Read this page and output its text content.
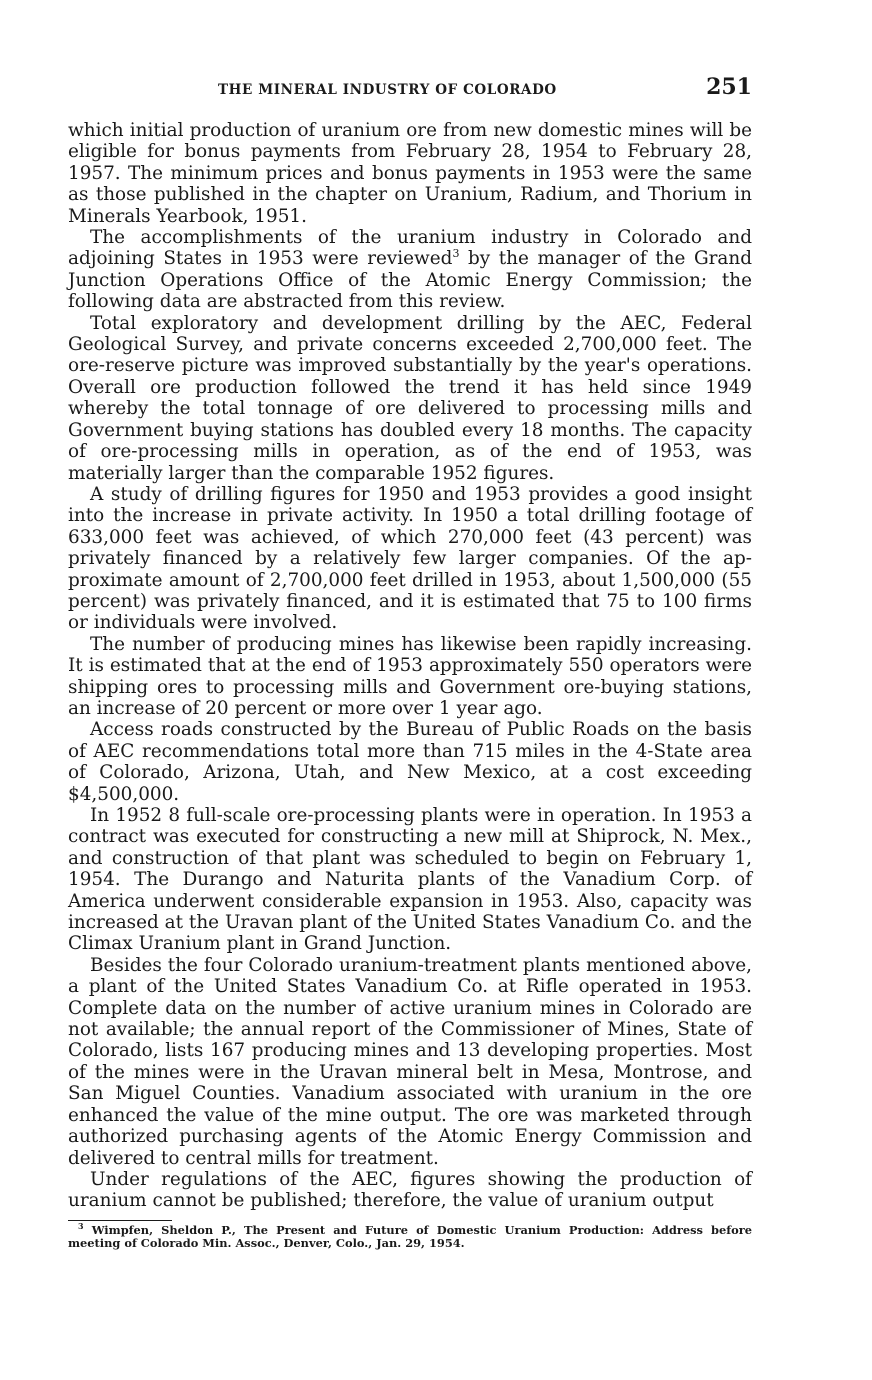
THE MINERAL INDUSTRY OF COLORADO	251

which initial production of uranium ore from new domestic mines will be eligible for bonus payments from February 28, 1954 to February 28, 1957. The minimum prices and bonus payments in 1953 were the same as those published in the chapter on Uranium, Radium, and Thorium in Minerals Yearbook, 1951.

The accomplishments of the uranium industry in Colorado and adjoining States in 1953 were reviewed$^3$ by the manager of the Grand Junction Operations Office of the Atomic Energy Commission; the following data are abstracted from this review.

Total exploratory and development drilling by the AEC, Federal Geological Survey, and private concerns exceeded 2,700,000 feet. The ore-reserve picture was improved substantially by the year's operations. Overall ore production followed the trend it has held since 1949 whereby the total tonnage of ore delivered to processing mills and Government buying stations has doubled every 18 months. The capacity of ore-processing mills in operation, as of the end of 1953, was materially larger than the comparable 1952 figures.

A study of drilling figures for 1950 and 1953 provides a good insight into the increase in private activity. In 1950 a total drilling footage of 633,000 feet was achieved, of which 270,000 feet (43 percent) was privately financed by a relatively few larger companies. Of the approximate amount of 2,700,000 feet drilled in 1953, about 1,500,000 (55 percent) was privately financed, and it is estimated that 75 to 100 firms or individuals were involved.

The number of producing mines has likewise been rapidly increasing. It is estimated that at the end of 1953 approximately 550 operators were shipping ores to processing mills and Government ore-buying stations, an increase of 20 percent or more over 1 year ago.

Access roads constructed by the Bureau of Public Roads on the basis of AEC recommendations total more than 715 miles in the 4-State area of Colorado, Arizona, Utah, and New Mexico, at a cost exceeding $4,500,000.

In 1952 8 full-scale ore-processing plants were in operation. In 1953 a contract was executed for constructing a new mill at Shiprock, N. Mex., and construction of that plant was scheduled to begin on February 1, 1954. The Durango and Naturita plants of the Vanadium Corp. of America underwent considerable expansion in 1953. Also, capacity was increased at the Uravan plant of the United States Vanadium Co. and the Climax Uranium plant in Grand Junction.

Besides the four Colorado uranium-treatment plants mentioned above, a plant of the United States Vanadium Co. at Rifle operated in 1953. Complete data on the number of active uranium mines in Colorado are not available; the annual report of the Commissioner of Mines, State of Colorado, lists 167 producing mines and 13 developing properties. Most of the mines were in the Uravan mineral belt in Mesa, Montrose, and San Miguel Counties. Vanadium associated with uranium in the ore enhanced the value of the mine output. The ore was marketed through authorized purchasing agents of the Atomic Energy Commission and delivered to central mills for treatment.

Under regulations of the AEC, figures showing the production of uranium cannot be published; therefore, the value of uranium output

$^3$ Wimpfen, Sheldon P., The Present and Future of Domestic Uranium Production: Address before meeting of Colorado Min. Assoc., Denver, Colo., Jan. 29, 1954.
